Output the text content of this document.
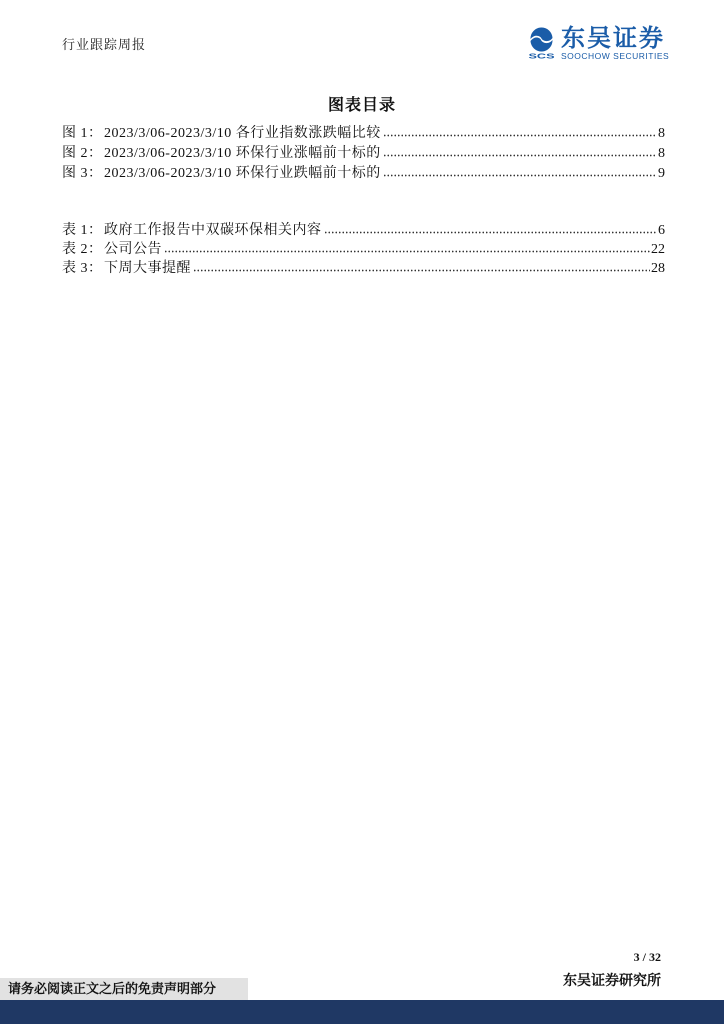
行业跟踪周报
SCS
东吴证券
SOOCHOW SECURITIES
图表目录
图 1： 2023/3/06-2023/3/10 各行业指数涨跌幅比较	8
图 2： 2023/3/06-2023/3/10 环保行业涨幅前十标的	8
图 3： 2023/3/06-2023/3/10 环保行业跌幅前十标的	9
表 1： 政府工作报告中双碳环保相关内容	6
表 2： 公司公告	22
表 3： 下周大事提醒	28
3 / 32
东吴证券研究所
请务必阅读正文之后的免责声明部分
